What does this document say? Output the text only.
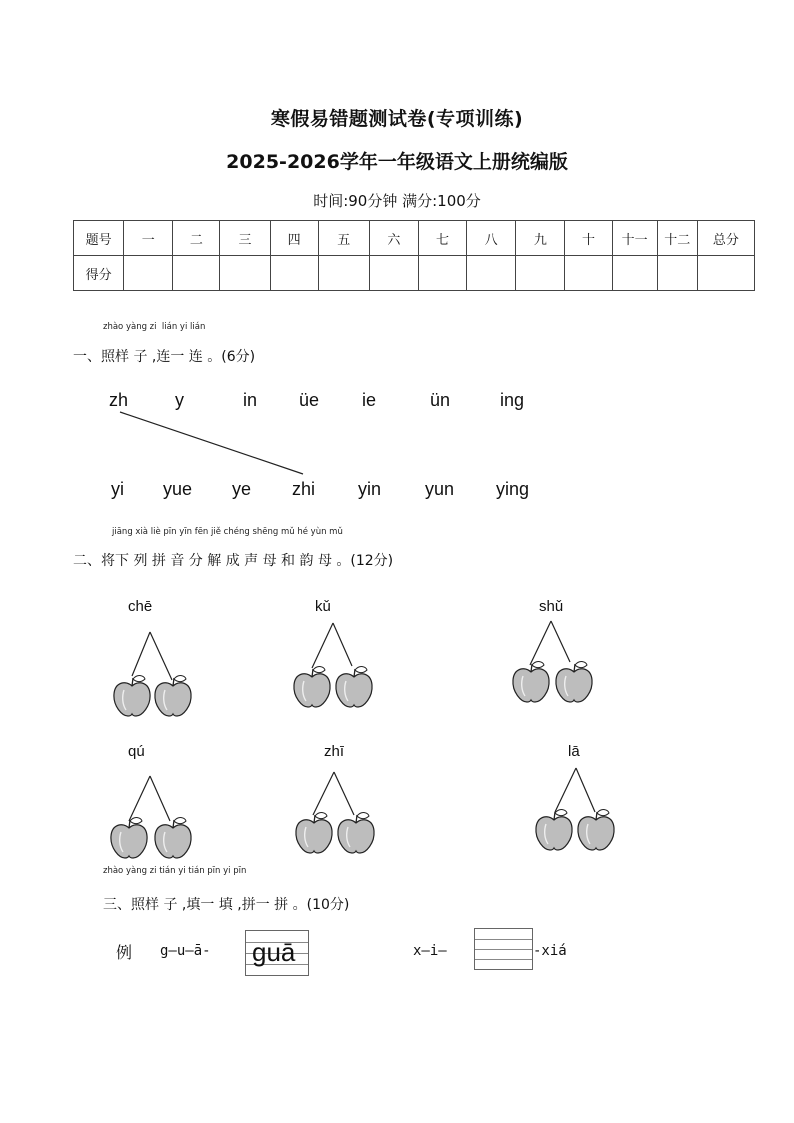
寒假易错题测试卷(专项训练)
2025-2026学年一年级语文上册统编版
时间:90分钟 满分:100分
题号	一	二	三	四	五	六	七	八	九	十	十一	十二	总分
得分													
zhào yàng zi  lián yi lián
一、照样 子 ,连一 连 。(6分)
zh	y	in üe ie	ün	ing
yi yue ye zhi yin yun ying
jiāng xià liè pīn yīn fēn jiě chéng shēng mǔ hé yùn mǔ
二、将下 列 拼 音 分 解 成 声 母 和 韵 母 。(12分)
chē	kǔ	shǔ
qú	zhī	lā
zhào yàng zi tián yi tián pīn yi pīn
三、照样 子 ,填一 填 ,拼一 拼 。(10分)
例 g—u—ā- guā	x—i—	-xiá
